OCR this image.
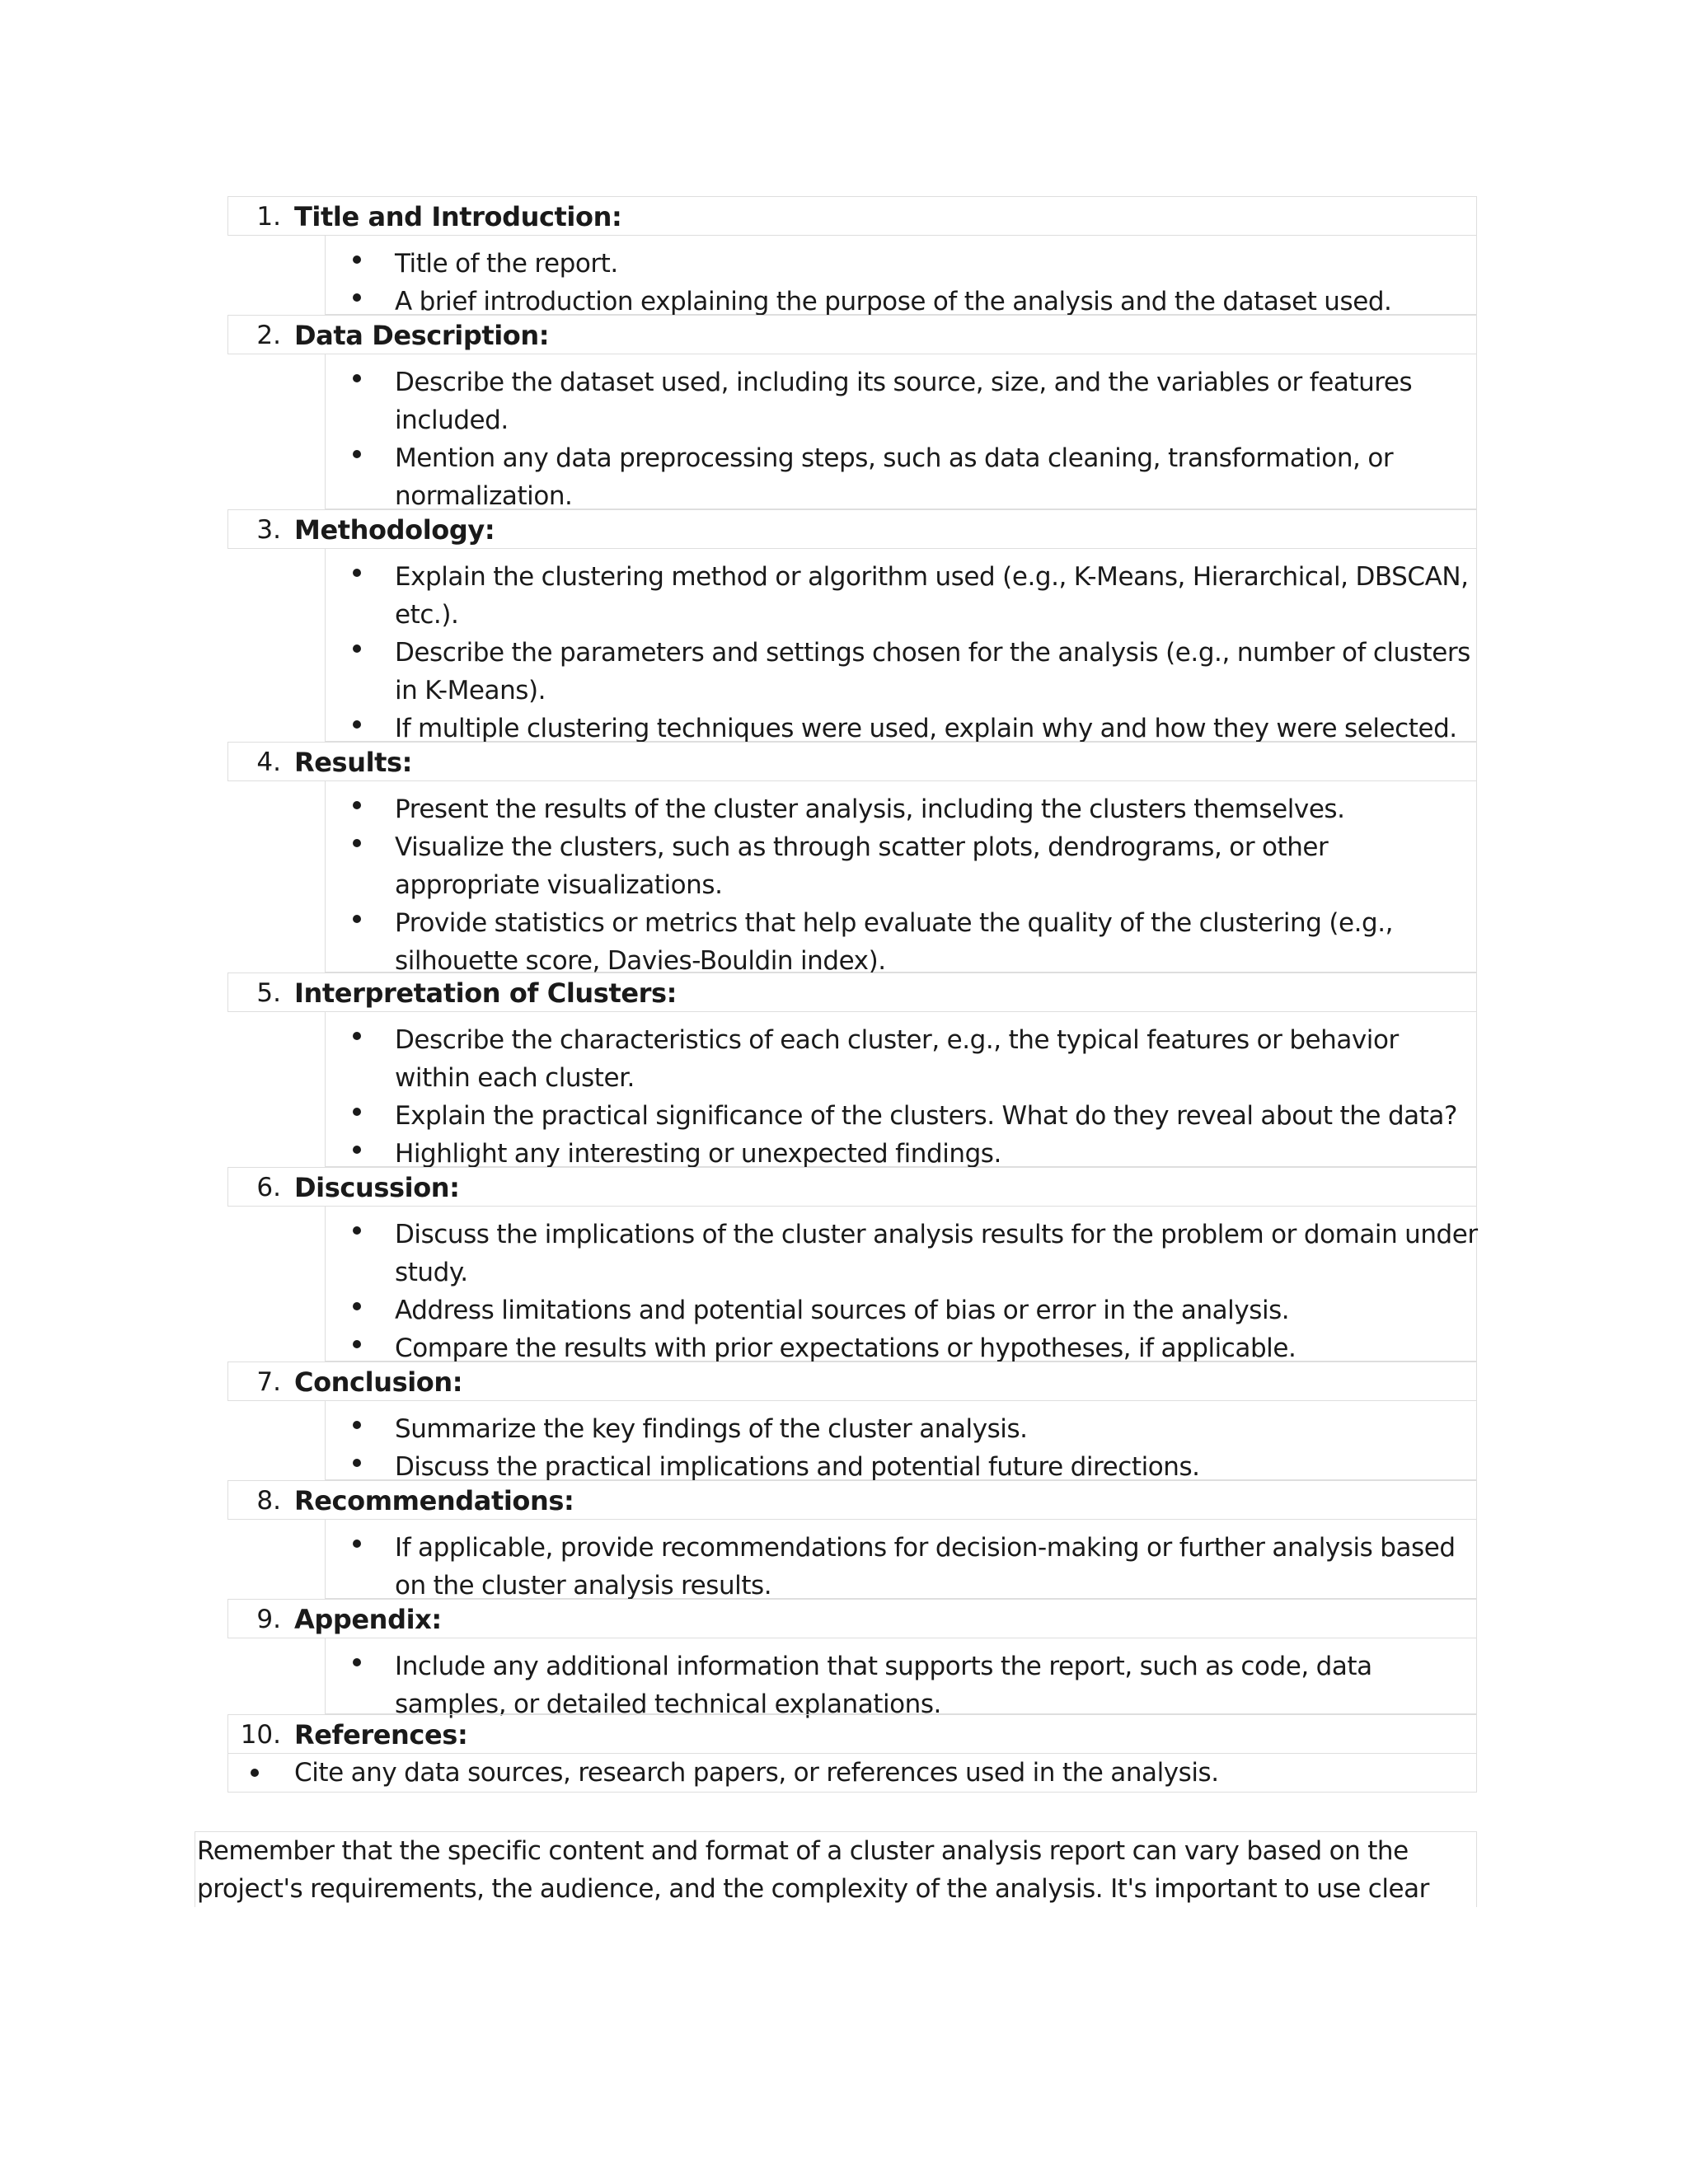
1. Title and Introduction:
Title of the report.
A brief introduction explaining the purpose of the analysis and the dataset used.
2. Data Description:
Describe the dataset used, including its source, size, and the variables or features included.
Mention any data preprocessing steps, such as data cleaning, transformation, or normalization.
3. Methodology:
Explain the clustering method or algorithm used (e.g., K-Means, Hierarchical, DBSCAN, etc.).
Describe the parameters and settings chosen for the analysis (e.g., number of clusters in K-Means).
If multiple clustering techniques were used, explain why and how they were selected.
4. Results:
Present the results of the cluster analysis, including the clusters themselves.
Visualize the clusters, such as through scatter plots, dendrograms, or other appropriate visualizations.
Provide statistics or metrics that help evaluate the quality of the clustering (e.g., silhouette score, Davies-Bouldin index).
5. Interpretation of Clusters:
Describe the characteristics of each cluster, e.g., the typical features or behavior within each cluster.
Explain the practical significance of the clusters. What do they reveal about the data?
Highlight any interesting or unexpected findings.
6. Discussion:
Discuss the implications of the cluster analysis results for the problem or domain under study.
Address limitations and potential sources of bias or error in the analysis.
Compare the results with prior expectations or hypotheses, if applicable.
7. Conclusion:
Summarize the key findings of the cluster analysis.
Discuss the practical implications and potential future directions.
8. Recommendations:
If applicable, provide recommendations for decision-making or further analysis based on the cluster analysis results.
9. Appendix:
Include any additional information that supports the report, such as code, data samples, or detailed technical explanations.
10. References:
Cite any data sources, research papers, or references used in the analysis.
Remember that the specific content and format of a cluster analysis report can vary based on the project's requirements, the audience, and the complexity of the analysis. It's important to use clear
